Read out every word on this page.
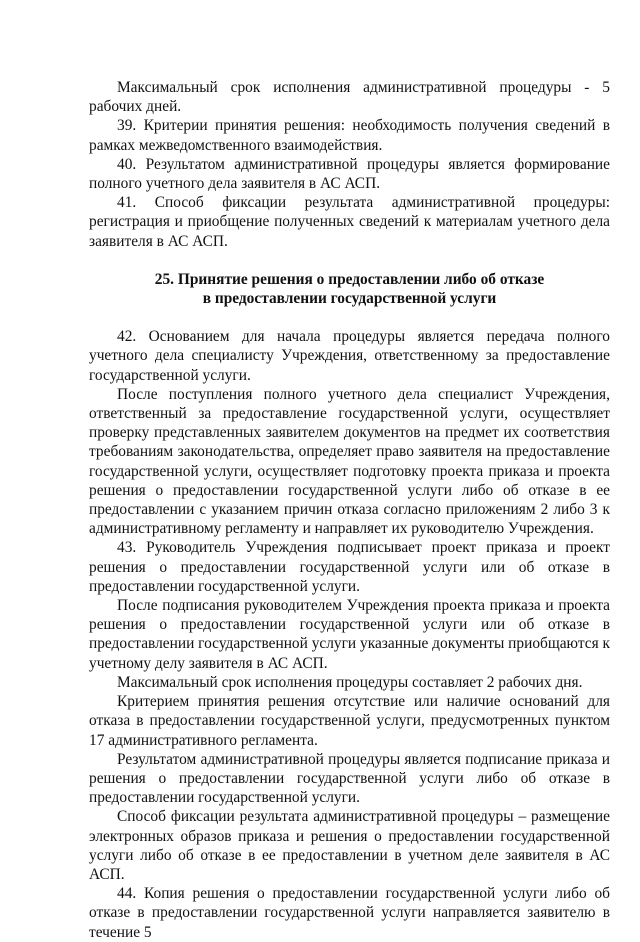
Максимальный срок исполнения административной процедуры - 5 рабочих дней.

39. Критерии принятия решения: необходимость получения сведений в рамках межведомственного взаимодействия.

40. Результатом административной процедуры является формирование полного учетного дела заявителя в АС АСП.

41. Способ фиксации результата административной процедуры: регистрация и приобщение полученных сведений к материалам учетного дела заявителя в АС АСП.

25. Принятие решения о предоставлении либо об отказе
в предоставлении государственной услуги

42. Основанием для начала процедуры является передача полного учетного дела специалисту Учреждения, ответственному за предоставление государственной услуги.

После поступления полного учетного дела специалист Учреждения, ответственный за предоставление государственной услуги, осуществляет проверку представленных заявителем документов на предмет их соответствия требованиям законодательства, определяет право заявителя на предоставление государственной услуги, осуществляет подготовку проекта приказа и проекта решения о предоставлении государственной услуги либо об отказе в ее предоставлении с указанием причин отказа согласно приложениям 2 либо 3 к административному регламенту и направляет их руководителю Учреждения.

43. Руководитель Учреждения подписывает проект приказа и проект решения о предоставлении государственной услуги или об отказе в предоставлении государственной услуги.

После подписания руководителем Учреждения проекта приказа и проекта решения о предоставлении государственной услуги или об отказе в предоставлении государственной услуги указанные документы приобщаются к учетному делу заявителя в АС АСП.

Максимальный срок исполнения процедуры составляет 2 рабочих дня.

Критерием принятия решения отсутствие или наличие оснований для отказа в предоставлении государственной услуги, предусмотренных пунктом 17 административного регламента.

Результатом административной процедуры является подписание приказа и решения о предоставлении государственной услуги либо об отказе в предоставлении государственной услуги.

Способ фиксации результата административной процедуры – размещение электронных образов приказа и решения о предоставлении государственной услуги либо об отказе в ее предоставлении в учетном деле заявителя в АС АСП.

44. Копия решения о предоставлении государственной услуги либо об отказе в предоставлении государственной услуги направляется заявителю в течение 5
